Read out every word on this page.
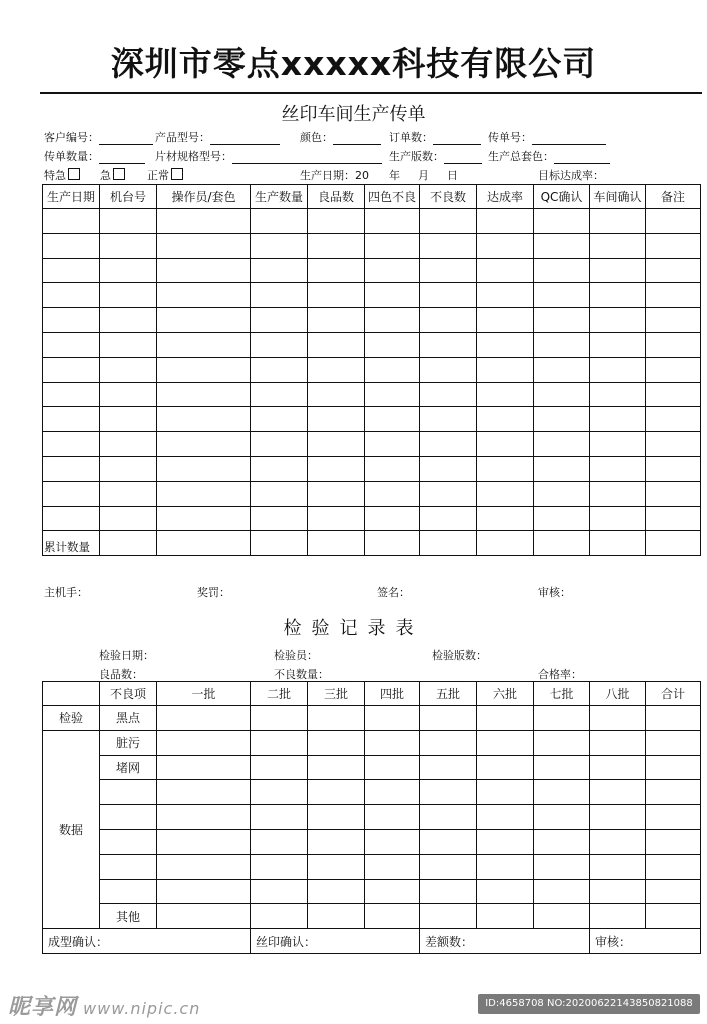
深圳市零点xxxxx科技有限公司
丝印车间生产传单
客户编号：	产品型号：	颜色：	订单数：	传单号：
传单数量：	片材规格型号：	生产版数：	生产总套色：
特急	急	正常	生产日期：20 年 月 日	目标达成率：
生产日期	机台号	操作员/套色	生产数量	良品数	四色不良	不良数	达成率	QC确认	车间确认	备注

累计数量										
主机手：	奖罚：	签名：	审核：
检验记录表
检验日期：	检验员：	检验版数：
良品数：	不良数量：	合格率：
	不良项	一批	二批	三批	四批	五批	六批	七批	八批	合计
检验	黑点									
数据	脏污									
	堵网									

	其他									
成型确认：			丝印确认：			差额数：			审核：	
昵享网 www.nipic.cn	ID:4658708 NO:20200622143850821088
